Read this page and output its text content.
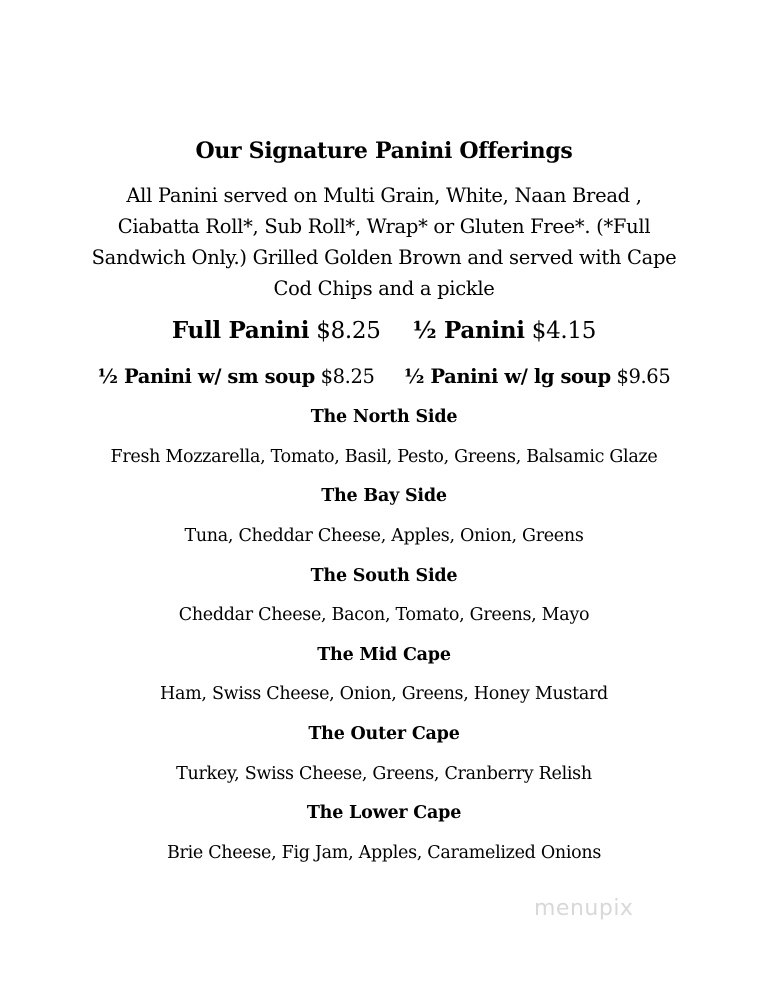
Our Signature Panini Offerings
All Panini served on Multi Grain, White, Naan Bread ,
Ciabatta Roll*, Sub Roll*, Wrap* or Gluten Free*. (*Full
Sandwich Only.) Grilled Golden Brown and served with Cape
Cod Chips and a pickle
Full Panini $8.25 ½ Panini $4.15
½ Panini w/ sm soup $8.25 ½ Panini w/ lg soup $9.65
The North Side
Fresh Mozzarella, Tomato, Basil, Pesto, Greens, Balsamic Glaze
The Bay Side
Tuna, Cheddar Cheese, Apples, Onion, Greens
The South Side
Cheddar Cheese, Bacon, Tomato, Greens, Mayo
The Mid Cape
Ham, Swiss Cheese, Onion, Greens, Honey Mustard
The Outer Cape
Turkey, Swiss Cheese, Greens, Cranberry Relish
The Lower Cape
Brie Cheese, Fig Jam, Apples, Caramelized Onions
menupix
